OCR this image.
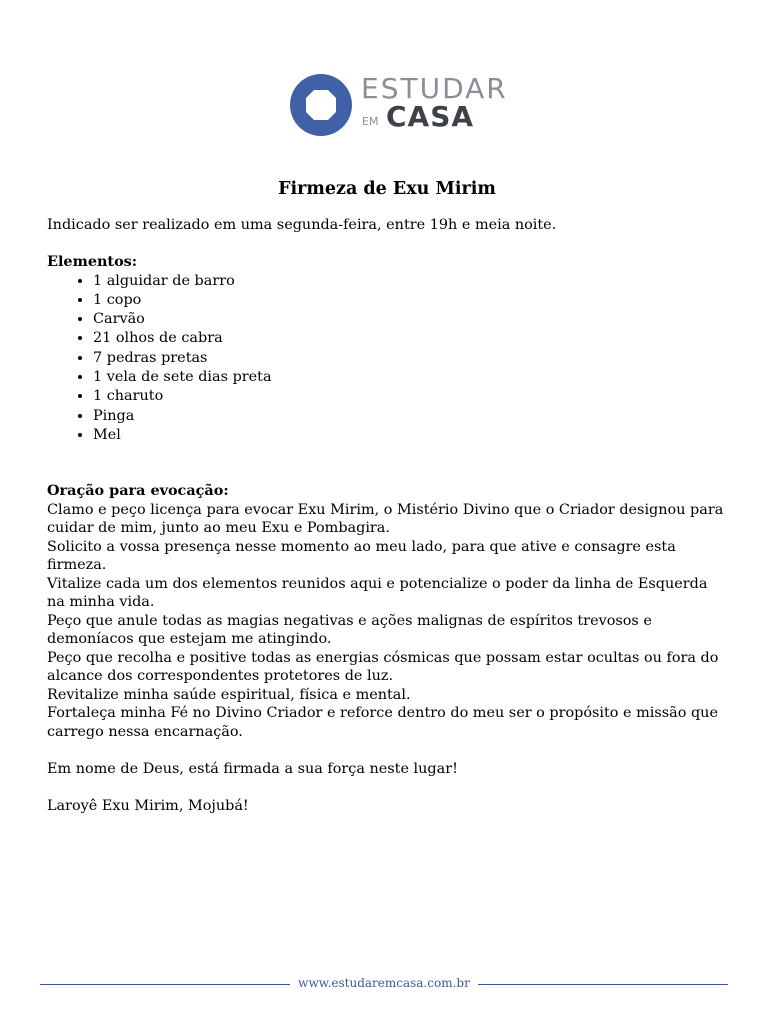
ESTUDAR
EM CASA
Firmeza de Exu Mirim

Indicado ser realizado em uma segunda-feira, entre 19h e meia noite.

Elementos:

• 1 alguidar de barro
• 1 copo
• Carvão
• 21 olhos de cabra
• 7 pedras pretas
• 1 vela de sete dias preta
• 1 charuto
• Pinga
• Mel

Oração para evocação:

Clamo e peço licença para evocar Exu Mirim, o Mistério Divino que o Criador designou para cuidar de mim, junto ao meu Exu e Pombagira.

Solicito a vossa presença nesse momento ao meu lado, para que ative e consagre esta firmeza.

Vitalize cada um dos elementos reunidos aqui e potencialize o poder da linha de Esquerda na minha vida.

Peço que anule todas as magias negativas e ações malignas de espíritos trevosos e demoníacos que estejam me atingindo.

Peço que recolha e positive todas as energias cósmicas que possam estar ocultas ou fora do alcance dos correspondentes protetores de luz.

Revitalize minha saúde espiritual, física e mental.

Fortaleça minha Fé no Divino Criador e reforce dentro do meu ser o propósito e missão que carrego nessa encarnação.

Em nome de Deus, está firmada a sua força neste lugar!

Laroyê Exu Mirim, Mojubá!

www.estudaremcasa.com.br
